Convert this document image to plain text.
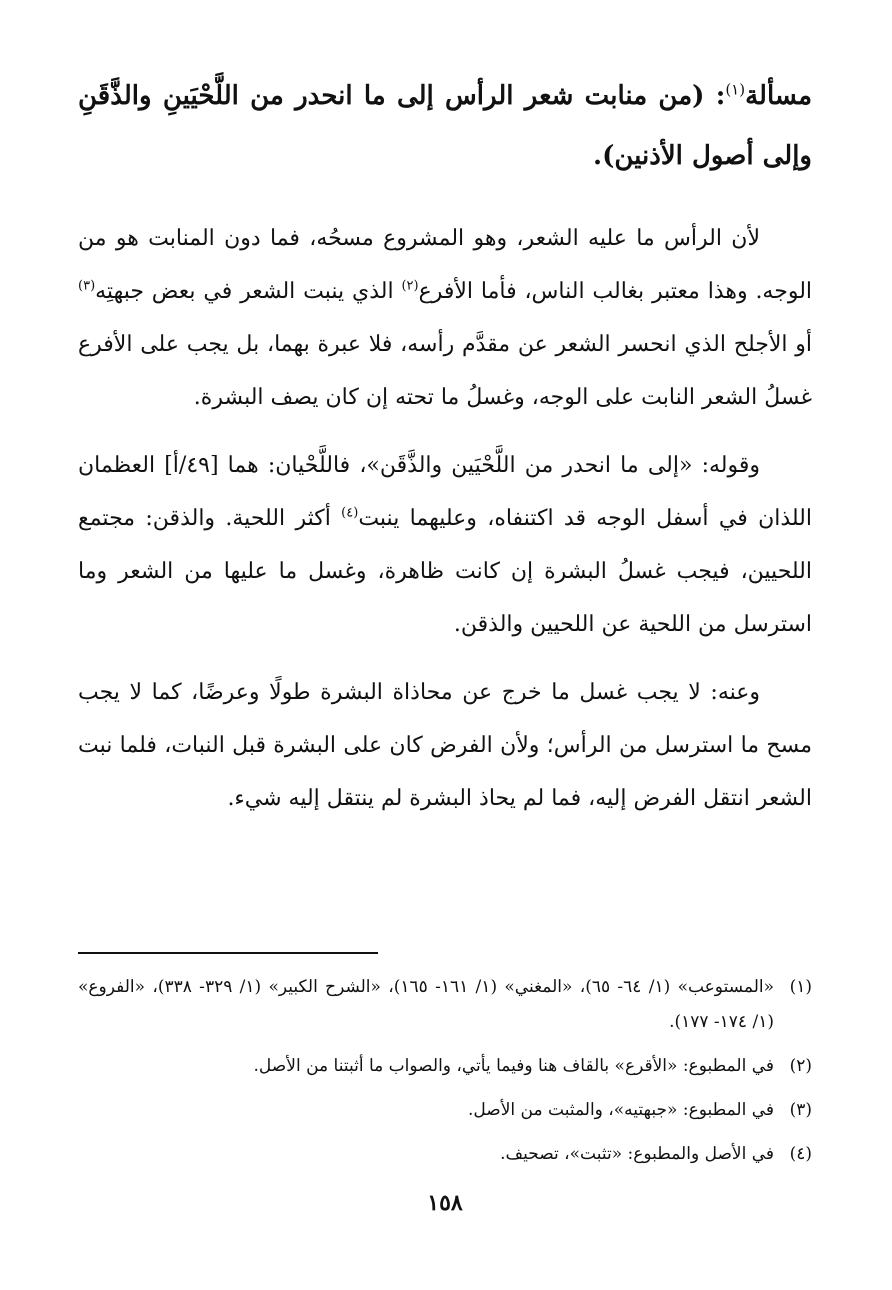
مسألة$^{(١)}$: (من منابت شعر الرأس إلى ما انحدر من اللَّحْيَينِ والذَّقَنِ وإلى أصول الأذنين).

لأن الرأس ما عليه الشعر، وهو المشروع مسحُه، فما دون المنابت هو من الوجه. وهذا معتبر بغالب الناس، فأما الأفرع$^{(٢)}$ الذي ينبت الشعر في بعض جبهتِه$^{(٣)}$ أو الأجلح الذي انحسر الشعر عن مقدَّم رأسه، فلا عبرة بهما، بل يجب على الأفرع غسلُ الشعر النابت على الوجه، وغسلُ ما تحته إن كان يصف البشرة.

وقوله: «إلى ما انحدر من اللَّحْيَين والذَّقَن»، فاللَّحْيان: هما [٤٩/أ] العظمان اللذان في أسفل الوجه قد اكتنفاه، وعليهما ينبت$^{(٤)}$ أكثر اللحية. والذقن: مجتمع اللحيين، فيجب غسلُ البشرة إن كانت ظاهرة، وغسل ما عليها من الشعر وما استرسل من اللحية عن اللحيين والذقن.

وعنه: لا يجب غسل ما خرج عن محاذاة البشرة طولًا وعرضًا، كما لا يجب مسح ما استرسل من الرأس؛ ولأن الفرض كان على البشرة قبل النبات، فلما نبت الشعر انتقل الفرض إليه، فما لم يحاذ البشرة لم ينتقل إليه شيء.

(١)
«المستوعب» (١/ ٦٤- ٦٥)، «المغني» (١/ ١٦١- ١٦٥)، «الشرح الكبير» (١/ ٣٢٩- ٣٣٨)، «الفروع» (١/ ١٧٤- ١٧٧).
(٢)
في المطبوع: «الأقرع» بالقاف هنا وفيما يأتي، والصواب ما أثبتنا من الأصل.
(٣)
في المطبوع: «جبهتيه»، والمثبت من الأصل.
(٤)
في الأصل والمطبوع: «تثبت»، تصحيف.
١٥٨
